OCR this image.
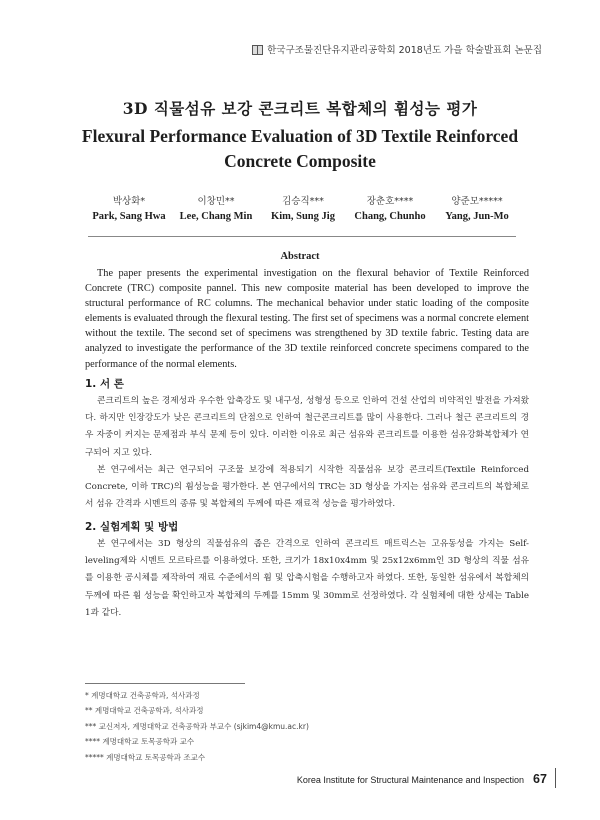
한국구조물진단유지관리공학회 2018년도 가을 학술발표회 논문집
3D 직물섬유 보강 콘크리트 복합체의 휨성능 평가
Flexural Performance Evaluation of 3D Textile Reinforced Concrete Composite
박상화*
Park, Sang Hwa
이창민**
Lee, Chang Min
김승직***
Kim, Sung Jig
장춘호****
Chang, Chunho
양준모*****
Yang, Jun-Mo
Abstract
The paper presents the experimental investigation on the flexural behavior of Textile Reinforced Concrete (TRC) composite pannel. This new composite material has been developed to improve the structural performance of RC columns. The mechanical behavior under static loading of the composite elements is evaluated through the flexural testing. The first set of specimens was a normal concrete element without the textile. The second set of specimens was strengthened by 3D textile fabric. Testing data are analyzed to investigate the performance of the 3D textile reinforced concrete specimens compared to the performance of the normal elements.
1. 서 론

콘크리트의 높은 경제성과 우수한 압축강도 및 내구성, 성형성 등으로 인하여 건설 산업의 비약적인 발전을 가져왔다. 하지만 인장강도가 낮은 콘크리트의 단점으로 인하여 철근콘크리트를 많이 사용한다. 그러나 철근 콘크리트의 경우 자중이 커지는 문제점과 부식 문제 등이 있다. 이러한 이유로 최근 섬유와 콘크리트를 이용한 섬유강화복합체가 연구되어 지고 있다.

본 연구에서는 최근 연구되어 구조물 보강에 적용되기 시작한 직물섬유 보강 콘크리트(Textile Reinforced Concrete, 이하 TRC)의 휨성능을 평가한다. 본 연구에서의 TRC는 3D 형상을 가지는 섬유와 콘크리트의 복합체로서 섬유 간격과 시멘트의 종류 및 복합체의 두께에 따른 재료적 성능을 평가하였다.

2. 실험계획 및 방법

본 연구에서는 3D 형상의 직물섬유의 좁은 간격으로 인하여 콘크리트 매트릭스는 고유동성을 가지는 Self-leveling제와 시멘트 모르타르를 이용하였다. 또한, 크기가 18x10x4mm 및 25x12x6mm인 3D 형상의 직물 섬유를 이용한 공시체를 제작하여 재료 수준에서의 휨 및 압축시험을 수행하고자 하였다. 또한, 동일한 섬유에서 복합체의 두께에 따른 휨 성능을 확인하고자 복합체의 두께를 15mm 및 30mm로 선정하였다. 각 실험체에 대한 상세는 Table 1과 같다.

* 계명대학교 건축공학과, 석사과정
** 계명대학교 건축공학과, 석사과정
*** 교신저자, 계명대학교 건축공학과 부교수 (sjkim4@kmu.ac.kr)
**** 계명대학교 토목공학과 교수
***** 계명대학교 토목공학과 조교수
Korea Institute for Structural Maintenance and Inspection 67
